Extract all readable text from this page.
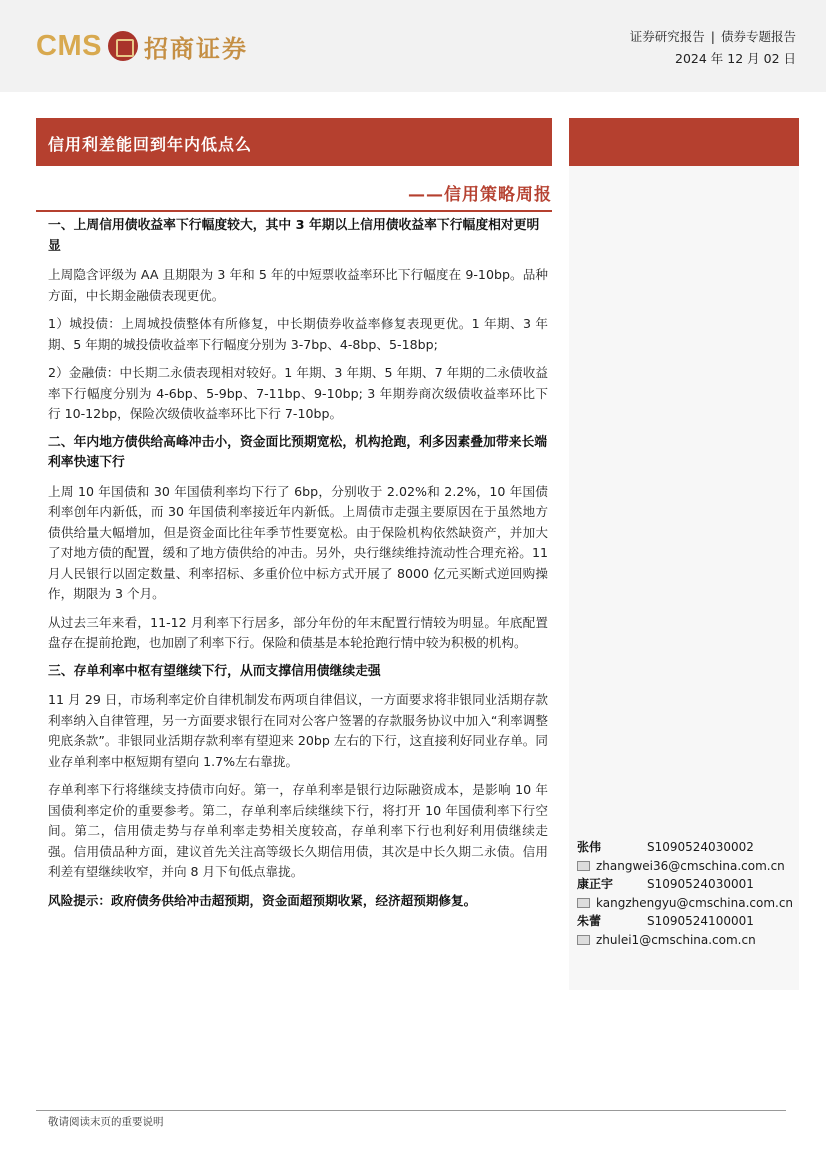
CMS 招商证券	证券研究报告 | 债券专题报告
2024 年 12 月 02 日
信用利差能回到年内低点么
——信用策略周报
一、上周信用债收益率下行幅度较大，其中 3 年期以上信用债收益率下行幅度相对更明显

上周隐含评级为 AA 且期限为 3 年和 5 年的中短票收益率环比下行幅度在 9-10bp。品种方面，中长期金融债表现更优。

1）城投债：上周城投债整体有所修复，中长期债券收益率修复表现更优。1 年期、3 年期、5 年期的城投债收益率下行幅度分别为 3-7bp、4-8bp、5-18bp;

2）金融债：中长期二永债表现相对较好。1 年期、3 年期、5 年期、7 年期的二永债收益率下行幅度分别为 4-6bp、5-9bp、7-11bp、9-10bp; 3 年期券商次级债收益率环比下行 10-12bp，保险次级债收益率环比下行 7-10bp。

二、年内地方债供给高峰冲击小，资金面比预期宽松，机构抢跑，利多因素叠加带来长端利率快速下行

上周 10 年国债和 30 年国债利率均下行了 6bp，分别收于 2.02%和 2.2%，10 年国债利率创年内新低，而 30 年国债利率接近年内新低。上周债市走强主要原因在于虽然地方债供给量大幅增加，但是资金面比往年季节性要宽松。由于保险机构依然缺资产，并加大了对地方债的配置，缓和了地方债供给的冲击。另外，央行继续维持流动性合理充裕。11 月人民银行以固定数量、利率招标、多重价位中标方式开展了 8000 亿元买断式逆回购操作，期限为 3 个月。

从过去三年来看，11-12 月利率下行居多，部分年份的年末配置行情较为明显。年底配置盘存在提前抢跑，也加剧了利率下行。保险和债基是本轮抢跑行情中较为积极的机构。

三、存单利率中枢有望继续下行，从而支撑信用债继续走强

11 月 29 日，市场利率定价自律机制发布两项自律倡议，一方面要求将非银同业活期存款利率纳入自律管理，另一方面要求银行在同对公客户签署的存款服务协议中加入“利率调整兜底条款”。非银同业活期存款利率有望迎来 20bp 左右的下行，这直接利好同业存单。同业存单利率中枢短期有望向 1.7%左右靠拢。

存单利率下行将继续支持债市向好。第一，存单利率是银行边际融资成本，是影响 10 年国债利率定价的重要参考。第二，存单利率后续继续下行，将打开 10 年国债利率下行空间。第二，信用债走势与存单利率走势相关度较高，存单利率下行也利好利用债继续走强。信用债品种方面，建议首先关注高等级长久期信用债，其次是中长久期二永债。信用利差有望继续收窄，并向 8 月下旬低点靠拢。

风险提示：政府债务供给冲击超预期，资金面超预期收紧，经济超预期修复。

张伟	S1090524030002
zhangwei36@cmschina.com.cn
康正宇	S1090524030001
kangzhengyu@cmschina.com.cn
朱蕾	S1090524100001
zhulei1@cmschina.com.cn
敬请阅读末页的重要说明
